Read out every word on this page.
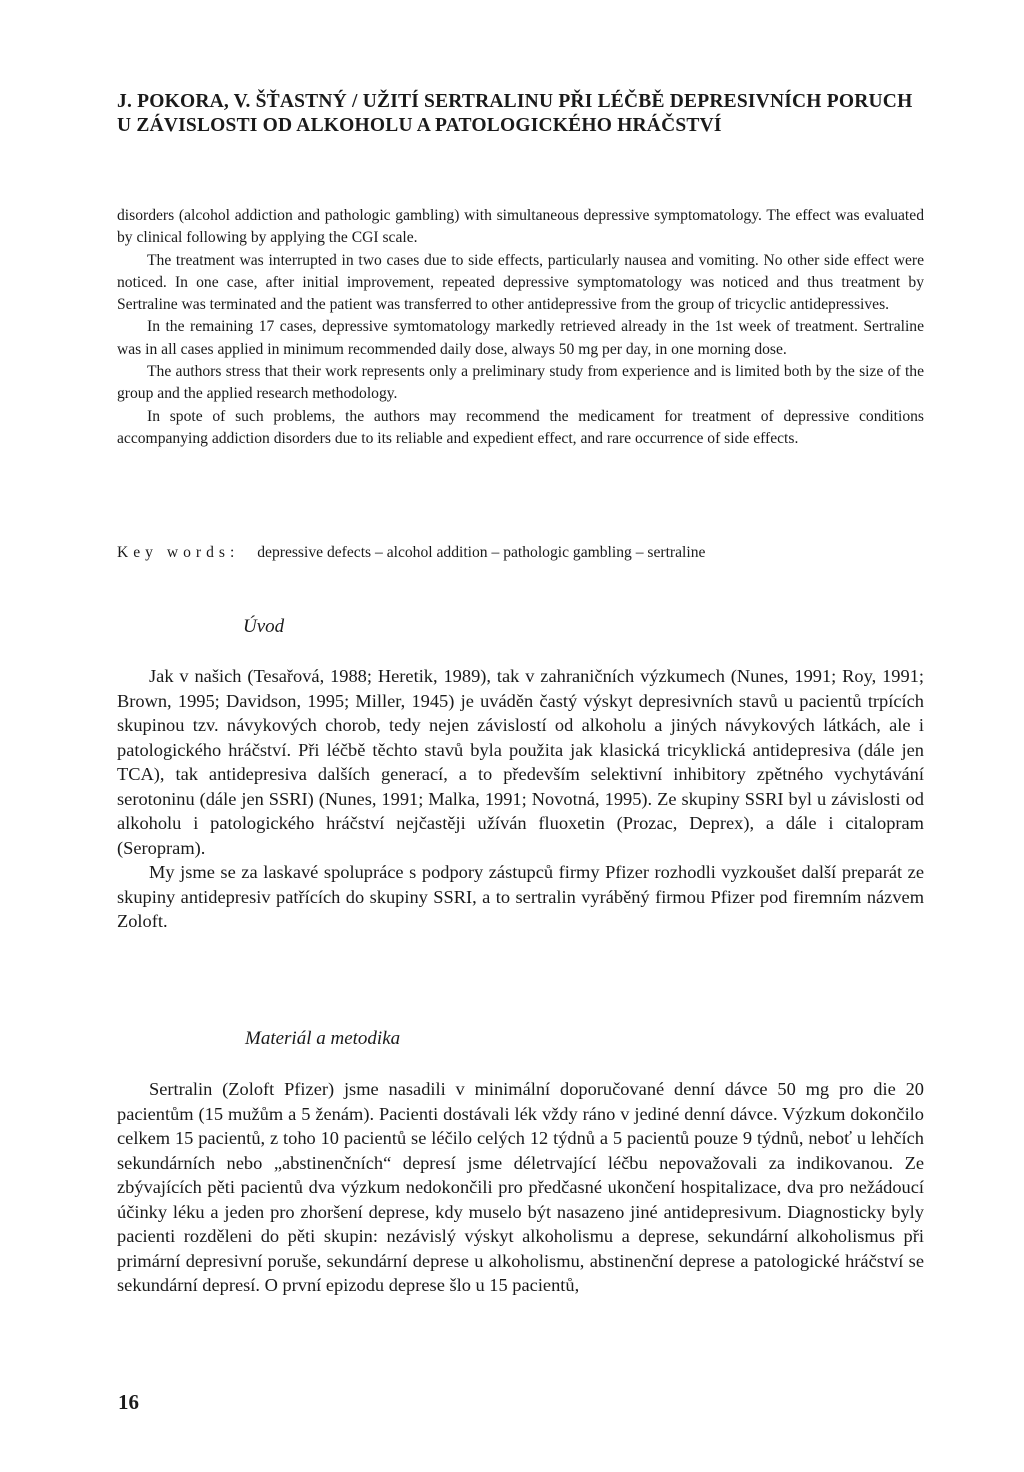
J. POKORA, V. ŠŤASTNÝ / UŽITÍ SERTRALINU PŘI LÉČBĚ DEPRESIVNÍCH PORUCH U ZÁVISLOSTI OD ALKOHOLU A PATOLOGICKÉHO HRÁČSTVÍ

disorders (alcohol addiction and pathologic gambling) with simultaneous depressive symptomatology. The effect was evaluated by clinical following by applying the CGI scale.

The treatment was interrupted in two cases due to side effects, particularly nausea and vomiting. No other side effect were noticed. In one case, after initial improvement, repeated depressive symptomatology was noticed and thus treatment by Sertraline was terminated and the patient was transferred to other antidepressive from the group of tricyclic antidepressives.

In the remaining 17 cases, depressive symtomatology markedly retrieved already in the 1st week of treatment. Sertraline was in all cases applied in minimum recommended daily dose, always 50 mg per day, in one morning dose.

The authors stress that their work represents only a preliminary study from experience and is limited both by the size of the group and the applied research methodology.

In spote of such problems, the authors may recommend the medicament for treatment of depressive conditions accompanying addiction disorders due to its reliable and expedient effect, and rare occurrence of side effects.

Key words: depressive defects – alcohol addition – pathologic gambling – sertraline
Úvod

Jak v našich (Tesařová, 1988; Heretik, 1989), tak v zahraničních výzkumech (Nunes, 1991; Roy, 1991; Brown, 1995; Davidson, 1995; Miller, 1945) je uváděn častý výskyt depresivních stavů u pacientů trpících skupinou tzv. návykových chorob, tedy nejen závislostí od alkoholu a jiných návykových látkách, ale i patologického hráčství. Při léčbě těchto stavů byla použita jak klasická tricyklická antidepresiva (dále jen TCA), tak antidepresiva dalších generací, a to především selektivní inhibitory zpětného vychytávání serotoninu (dále jen SSRI) (Nunes, 1991; Malka, 1991; Novotná, 1995). Ze skupiny SSRI byl u závislosti od alkoholu i patologického hráčství nejčastěji užíván fluoxetin (Prozac, Deprex), a dále i citalopram (Seropram).

My jsme se za laskavé spolupráce s podpory zástupců firmy Pfizer rozhodli vyzkoušet další preparát ze skupiny antidepresiv patřících do skupiny SSRI, a to sertralin vyráběný firmou Pfizer pod firemním názvem Zoloft.

Materiál a metodika

Sertralin (Zoloft Pfizer) jsme nasadili v minimální doporučované denní dávce 50 mg pro die 20 pacientům (15 mužům a 5 ženám). Pacienti dostávali lék vždy ráno v jediné denní dávce. Výzkum dokončilo celkem 15 pacientů, z toho 10 pacientů se léčilo celých 12 týdnů a 5 pacientů pouze 9 týdnů, neboť u lehčích sekundárních nebo „abstinenčních“ depresí jsme déletrvající léčbu nepovažovali za indikovanou. Ze zbývajících pěti pacientů dva výzkum nedokončili pro předčasné ukončení hospitalizace, dva pro nežádoucí účinky léku a jeden pro zhoršení deprese, kdy muselo být nasazeno jiné antidepresivum. Diagnosticky byly pacienti rozděleni do pěti skupin: nezávislý výskyt alkoholismu a deprese, sekundární alkoholismus při primární depresivní poruše, sekundární deprese u alkoholismu, abstinenční deprese a patologické hráčství se sekundární depresí. O první epizodu deprese šlo u 15 pacientů,

16
